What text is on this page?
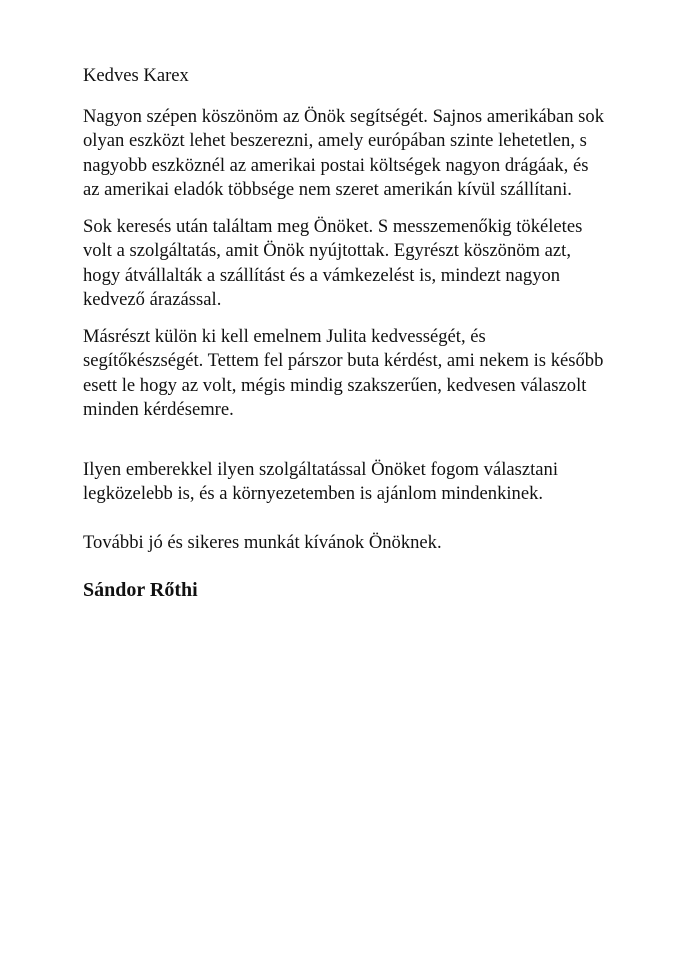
Kedves Karex
Nagyon szépen köszönöm az Önök segítségét. Sajnos amerikában sok
olyan eszközt lehet beszerezni, amely európában szinte lehetetlen, s
nagyobb eszköznél az amerikai postai költségek nagyon drágáak, és
az amerikai eladók többsége nem szeret amerikán kívül szállítani.
Sok keresés után találtam meg Önöket. S messzemenőkig tökéletes
volt a szolgáltatás, amit Önök nyújtottak. Egyrészt köszönöm azt,
hogy átvállalták a szállítást és a vámkezelést is, mindezt nagyon
kedvező árazással.
Másrészt külön ki kell emelnem Julita kedvességét, és
segítőkészségét. Tettem fel párszor buta kérdést, ami nekem is később
esett le hogy az volt, mégis mindig szakszerűen, kedvesen válaszolt
minden kérdésemre.
Ilyen emberekkel ilyen szolgáltatással Önöket fogom választani
legközelebb is, és a környezetemben is ajánlom mindenkinek.
További jó és sikeres munkát kívánok Önöknek.
Sándor Rőthi
